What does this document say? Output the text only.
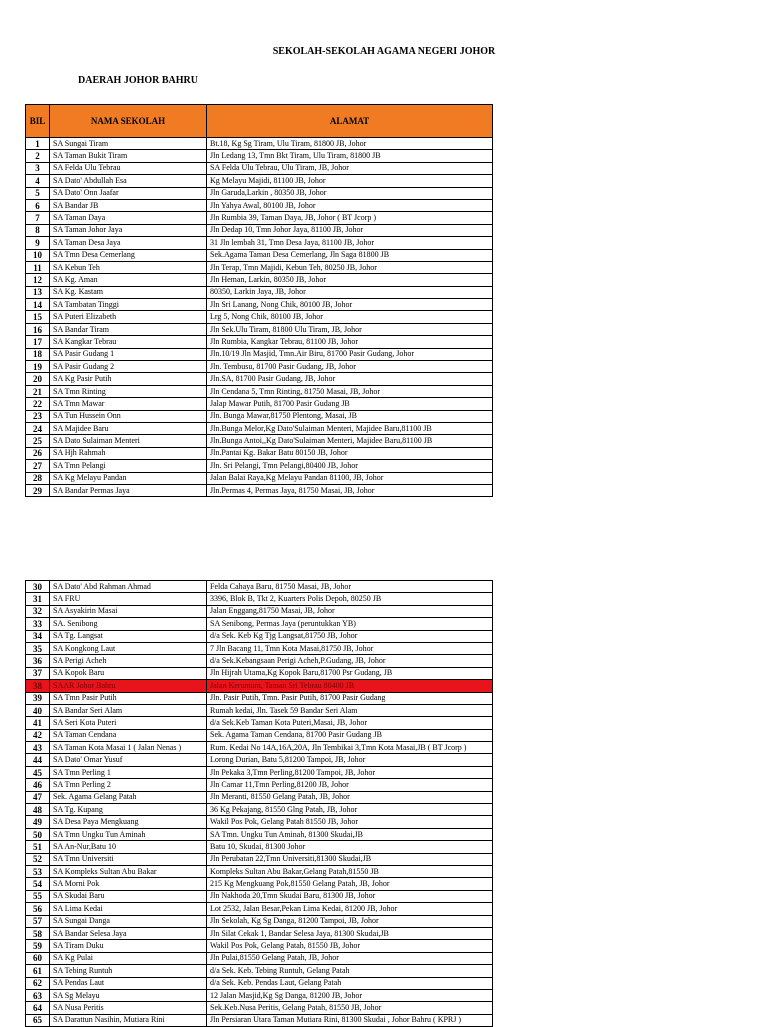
SEKOLAH-SEKOLAH AGAMA NEGERI JOHOR
DAERAH JOHOR BAHRU
BIL	NAMA SEKOLAH	ALAMAT
1	SA Sungai Tiram	Bt.18, Kg Sg Tiram, Ulu Tiram, 81800 JB, Johor
2	SA Taman Bukit Tiram	Jln Ledang 13, Tmn Bkt Tiram, Ulu Tiram, 81800 JB
3	SA Felda Ulu Tebrau	SA Felda Ulu Tebrau, Ulu Tiram, JB, Johor
4	SA Dato' Abdullah Esa	Kg Melayu Majidi, 81100 JB, Johor
5	SA Dato' Onn Jaafar	Jln Garuda,Larkin , 80350 JB, Johor
6	SA Bandar JB	Jln Yahya Awal, 80100 JB, Johor
7	SA Taman Daya	Jln Rumbia 39, Taman Daya, JB, Johor ( BT Jcorp )
8	SA Taman Johor Jaya	Jln Dedap 10, Tmn Johor Jaya, 81100 JB, Johor
9	SA Taman Desa Jaya	31 Jln lembah 31, Tmn Desa Jaya, 81100 JB, Johor
10	SA Tmn Desa Cemerlang	Sek.Agama Taman Desa Cemerlang, Jln Saga 81800 JB
11	SA Kebun Teh	Jln Terap, Tmn Majidi, Kebun Teh, 80250 JB, Johor
12	SA Kg. Aman	Jln Heman, Larkin, 80350 JB, Johor
13	SA Kg. Kastam	80350, Larkin Jaya, JB, Johor
14	SA Tambatan Tinggi	Jln Sri Lanang, Nong Chik, 80100 JB, Johor
15	SA Puteri Elizabeth	Lrg 5, Nong Chik, 80100 JB, Johor
16	SA Bandar Tiram	Jln Sek.Ulu Tiram, 81800 Ulu Tiram, JB, Johor
17	SA Kangkar Tebrau	Jln Rumbia, Kangkar Tebrau, 81100 JB, Johor
18	SA Pasir Gudang 1	Jln.10/19 Jln Masjid, Tmn.Air Biru, 81700 Pasir Gudang, Johor
19	SA Pasir Gudang 2	Jln. Tembusu, 81700 Pasir Gudang, JB, Johor
20	SA Kg Pasir Putih	Jln.SA, 81700 Pasir Gudang, JB, Johor
21	SA Tmn Rinting	Jln Cendana 5, Tmn Rinting, 81750 Masai, JB, Johor
22	SA Tmn Mawar	Jalap Mawar Putih, 81700 Pasir Gudang JB
23	SA Tun Hussein Onn	Jln. Bunga Mawar,81750 Plentong, Masai, JB
24	SA Majidee Baru	Jln.Bunga Melor,Kg Dato'Sulaiman Menteri, Majidee Baru,81100 JB
25	SA Dato Sulaiman Menteri	Jln.Bunga Antoi,,Kg Dato'Sulaiman Menteri, Majidee Baru,81100 JB
26	SA Hjh Rahmah	Jln.Pantai Kg. Bakar Batu 80150 JB, Johor
27	SA Tmn Pelangi	Jln. Sri Pelangi, Tmn Pelangi,80400 JB, Johor
28	SA Kg Melayu Pandan	Jalan Balai Raya,Kg Melayu Pandan 81100, JB, Johor
29	SA Bandar Permas Jaya	Jln.Permas 4, Permas Jaya, 81750 Masai, JB, Johor
30	SA Dato' Abd Rahman Ahmad	Felda Cahaya Baru, 81750 Masai, JB, Johor
31	SA FRU	3396, Blok B, Tkt 2, Kuarters Polis Depoh, 80250 JB
32	SA Asyakirin Masai	Jalan Enggang,81750 Masai, JB, Johor
33	SA. Senibong	SA Senibong, Permas Jaya (peruntukkan YB)
34	SA Tg. Langsat	d/a Sek. Keb Kg Tjg Langsat,81750 JB, Johor
35	SA Kongkong Laut	7 Jln Bacang 11, Tmn Kota Masai,81750 JB, Johor
36	SA Perigi Acheh	d/a Sek.Kebangsaan Perigi Acheh,P.Gudang, JB, Johor
37	SA Kopok Baru	Jln Hijrah Utama,Kg Kopok Baru,81700 Psr Gudang, JB
38	SAAR Johor Bahru	Jalan Keruntum, Taman Sri Tebrau 80400 JB
39	SA Tmn Pasir Putih	Jln. Pasir Putih, Tmn. Pasir Putih, 81700 Pasir Gudang
40	SA Bandar Seri Alam	Rumah kedai, Jln. Tasek 59 Bandar Seri Alam
41	SA Seri Kota Puteri	d/a Sek.Keb Taman Kota Puteri,Masai, JB, Johor
42	SA Taman Cendana	Sek. Agama Taman Cendana, 81700 Pasir Gudang JB
43	SA Taman Kota Masai 1 ( Jalan Nenas )	Rum. Kedai No 14A,16A,20A, Jln Tembikai 3,Tmn Kota Masai,JB ( BT Jcorp )
44	SA Dato' Omar Yusuf	Lorong Durian, Batu 5,81200 Tampoi, JB, Johor
45	SA Tmn Perling 1	Jln Pekaka 3,Tmn Perling,81200 Tampoi, JB, Johor
46	SA Tmn Perling 2	Jln Camar 11,Tmn Perling,81200 JB, Johor
47	Sek. Agama Gelang Patah	Jln Meranti, 81550 Gelang Patah, JB, Johor
48	SA Tg. Kupang	36 Kg Pekajang, 81550 Glng Patah, JB, Johor
49	SA Desa Paya Mengkuang	Wakil Pos Pok, Gelang Patah 81550 JB, Johor
50	SA Tmn Ungku Tun Aminah	SA Tmn. Ungku Tun Aminah, 81300 Skudai,JB
51	SA An-Nur,Batu 10	Batu 10, Skudai, 81300 Johor
52	SA Tmn Universiti	Jln Perubatan 22,Tmn Universiti,81300 Skudai,JB
53	SA Kompleks Sultan Abu Bakar	Kompleks Sultan Abu Bakar,Gelang Patah,81550 JB
54	SA Morni Pok	215 Kg Mengkuang Pok,81550 Gelang Patah, JB, Johor
55	SA Skudai Baru	Jln Nakhoda 20,Tmn Skudai Baru, 81300 JB, Johor
56	SA Lima Kedai	Lot 2532, Jalan Besar,Pekan Lima Kedai, 81200 JB, Johor
57	SA Sungai Danga	Jln Sekolah, Kg Sg Danga, 81200 Tampoi, JB, Johor
58	SA Bandar Selesa Jaya	Jln Silat Cekak 1, Bandar Selesa Jaya, 81300 Skudai,JB
59	SA Tiram Duku	Wakil Pos Pok, Gelang Patah, 81550 JB, Johor
60	SA Kg Pulai	Jln Pulai,81550 Gelang Patah, JB, Johor
61	SA Tebing Runtuh	d/a Sek. Keb. Tebing Runtuh, Gelang Patah
62	SA Pendas Laut	d/a Sek. Keb. Pendas Laut, Gelang Patah
63	SA Sg Melayu	12 Jalan Masjid,Kg Sg Danga, 81200 JB, Johor
64	SA Nusa Peritis	Sek.Keb.Nusa Peritis, Gelang Patah, 81550 JB, Johor
65	SA Darattun Nasihin, Mutiara Rini	Jln Persiaran Utara Taman Mutiara Rini, 81300 Skudai , Johor Bahru ( KPRJ )
